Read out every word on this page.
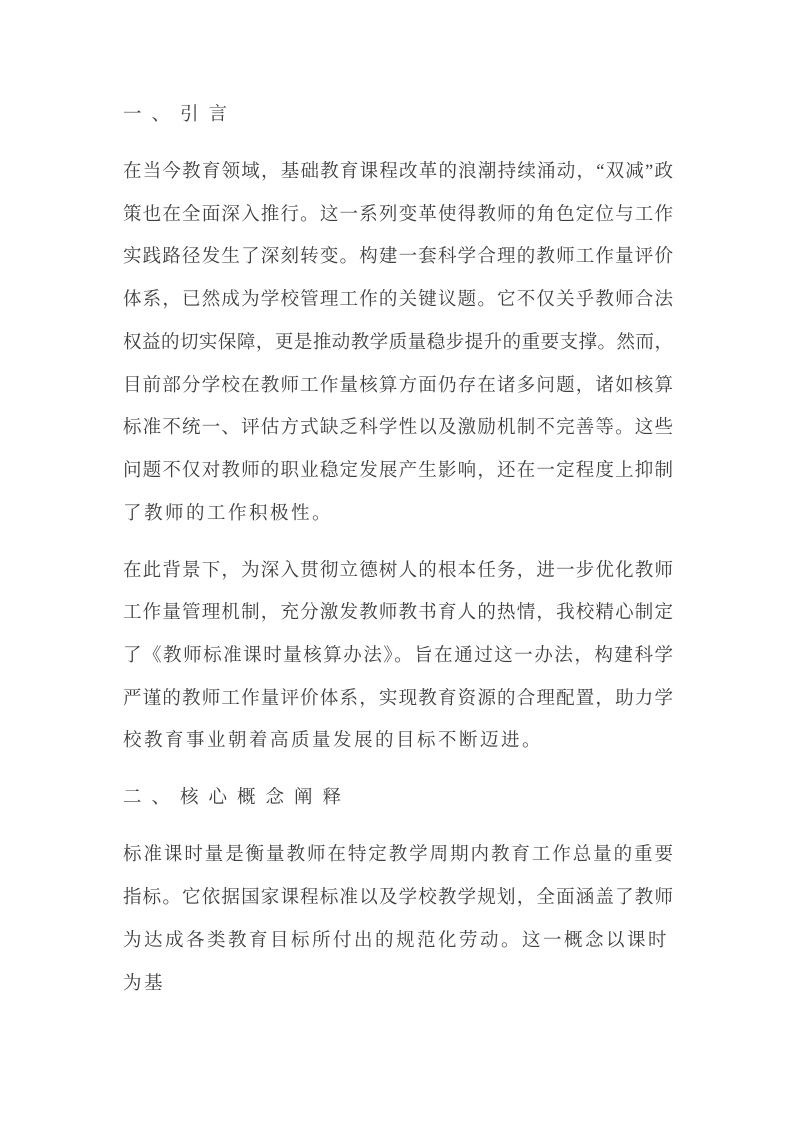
一、引言
在当今教育领域，基础教育课程改革的浪潮持续涌动，“双减”政
策也在全面深入推行。这一系列变革使得教师的角色定位与工作
实践路径发生了深刻转变。构建一套科学合理的教师工作量评价
体系，已然成为学校管理工作的关键议题。它不仅关乎教师合法
权益的切实保障，更是推动教学质量稳步提升的重要支撑。然而，
目前部分学校在教师工作量核算方面仍存在诸多问题，诸如核算
标准不统一、评估方式缺乏科学性以及激励机制不完善等。这些
问题不仅对教师的职业稳定发展产生影响，还在一定程度上抑制
了教师的工作积极性。
在此背景下，为深入贯彻立德树人的根本任务，进一步优化教师
工作量管理机制，充分激发教师教书育人的热情，我校精心制定
了《教师标准课时量核算办法》。旨在通过这一办法，构建科学
严谨的教师工作量评价体系，实现教育资源的合理配置，助力学
校教育事业朝着高质量发展的目标不断迈进。
二、核心概念阐释
标准课时量是衡量教师在特定教学周期内教育工作总量的重要
指标。它依据国家课程标准以及学校教学规划，全面涵盖了教师
为达成各类教育目标所付出的规范化劳动。这一概念以课时为基
